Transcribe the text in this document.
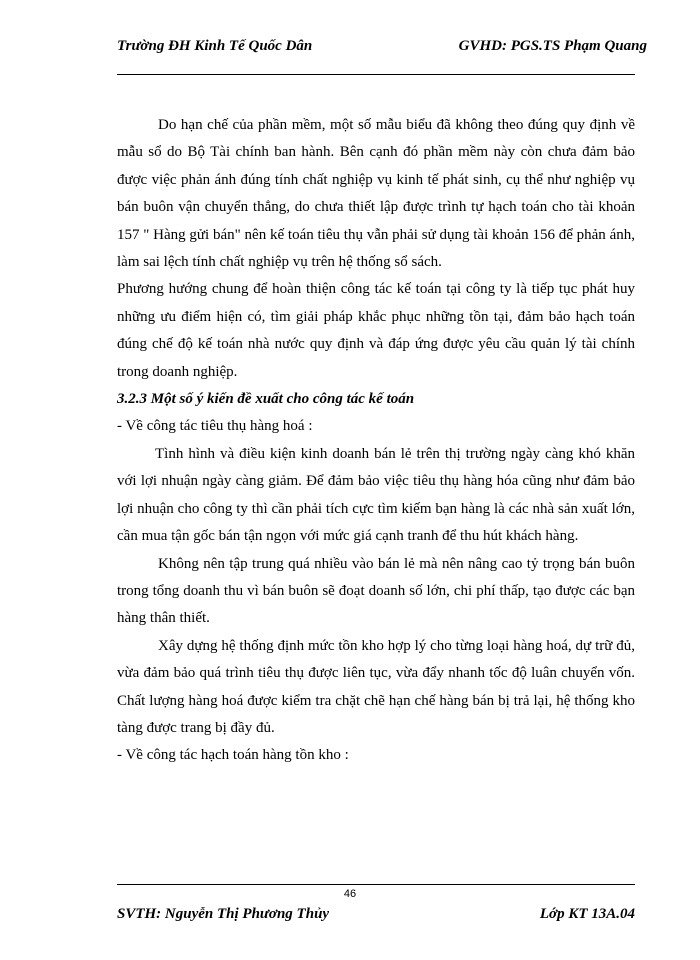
Trường ĐH Kinh Tế Quốc Dân	GVHD: PGS.TS Phạm Quang

Do hạn chế của phần mềm, một số mẫu biểu đã không theo đúng quy định về mẫu sổ do Bộ Tài chính ban hành. Bên cạnh đó phần mềm này còn chưa đảm bảo được việc phản ánh đúng tính chất nghiệp vụ kinh tế phát sinh, cụ thể như nghiệp vụ bán buôn vận chuyển thẳng, do chưa thiết lập được trình tự hạch toán cho tài khoản 157 " Hàng gửi bán" nên kế toán tiêu thụ vẫn phải sử dụng tài khoản 156 để phản ánh, làm sai lệch tính chất nghiệp vụ trên hệ thống sổ sách.

Phương hướng chung để hoàn thiện công tác kế toán tại công ty là tiếp tục phát huy những ưu điểm hiện có, tìm giải pháp khắc phục những tồn tại, đảm bảo hạch toán đúng chế độ kế toán nhà nước quy định và đáp ứng được yêu cầu quản lý tài chính trong doanh nghiệp.

3.2.3 Một số ý kiến đề xuất cho công tác kế toán

- Về công tác tiêu thụ hàng hoá :

Tình hình và điều kiện kinh doanh bán lẻ trên thị trường ngày càng khó khăn với lợi nhuận ngày càng giảm. Để đảm bảo việc tiêu thụ hàng hóa cũng như đảm bảo lợi nhuận cho công ty thì cần phải tích cực tìm kiếm bạn hàng là các nhà sản xuất lớn, cần mua tận gốc bán tận ngọn với mức giá cạnh tranh để thu hút khách hàng.

Không nên tập trung quá nhiều vào bán lẻ mà nên nâng cao tỷ trọng bán buôn trong tổng doanh thu vì bán buôn sẽ đoạt doanh số lớn, chi phí thấp, tạo được các bạn hàng thân thiết.

Xây dựng hệ thống định mức tồn kho hợp lý cho từng loại hàng hoá, dự trữ đủ, vừa đảm bảo quá trình tiêu thụ được liên tục, vừa đẩy nhanh tốc độ luân chuyển vốn. Chất lượng hàng hoá được kiểm tra chặt chẽ hạn chế hàng bán bị trả lại, hệ thống kho tàng được trang bị đầy đủ.

- Về công tác hạch toán hàng tồn kho :

46
SVTH: Nguyễn Thị Phương Thủy	Lớp KT 13A.04
